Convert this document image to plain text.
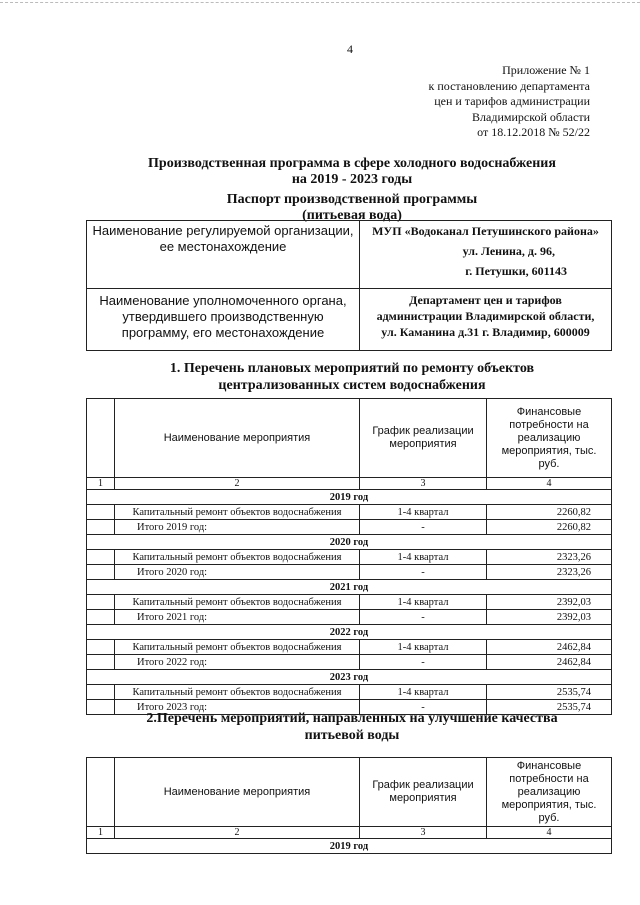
4
Приложение № 1
к постановлению департамента
цен и тарифов администрации
Владимирской области
от 18.12.2018 № 52/22
Производственная программа в сфере холодного водоснабжения
на 2019 - 2023 годы
Паспорт производственной программы
(питьевая вода)
Наименование регулируемой организации, ее местонахождение	МУП «Водоканал Петушинского района»
ул. Ленина, д. 96,
г. Петушки, 601143

Наименование уполномоченного органа, утвердившего производственную программу, его местонахождение	Департамент цен и тарифов
администрации Владимирской области,
ул. Каманина д.31 г. Владимир, 600009
1. Перечень плановых мероприятий по ремонту объектов
централизованных систем водоснабжения
	Наименование мероприятия	График реализации мероприятия	Финансовые потребности на реализацию мероприятия, тыс. руб.
1	2	3	4
2019 год			
	Капитальный ремонт объектов водоснабжения	1-4 квартал	2260,82
	Итого 2019 год:	-	2260,82
2020 год			
	Капитальный ремонт объектов водоснабжения	1-4 квартал	2323,26
	Итого 2020 год:	-	2323,26
2021 год			
	Капитальный ремонт объектов водоснабжения	1-4 квартал	2392,03
	Итого 2021 год:	-	2392,03
2022 год			
	Капитальный ремонт объектов водоснабжения	1-4 квартал	2462,84
	Итого 2022 год:	-	2462,84
2023 год			
	Капитальный ремонт объектов водоснабжения	1-4 квартал	2535,74
	Итого 2023 год:	-	2535,74
2.Перечень мероприятий, направленных на улучшение качества
питьевой воды
	Наименование мероприятия	График реализации мероприятия	Финансовые потребности на реализацию мероприятия, тыс. руб.
1	2	3	4
2019 год			
